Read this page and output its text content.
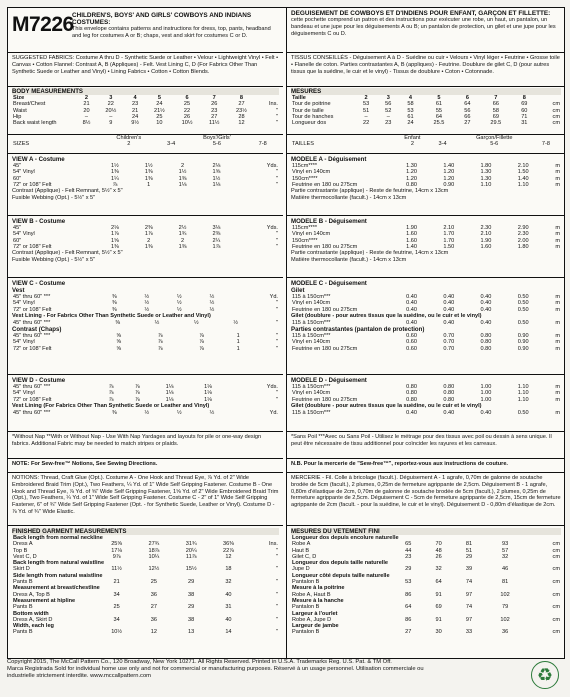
M7226
CHILDREN'S, BOYS' AND GIRLS' COWBOYS AND INDIANS COSTUMES:
This envelope contains patterns and instructions for dress, top, pants, headband and leg for costumes A or B; chaps, vest and skirt for costumes C or D.
SUGGESTED FABRICS: Costume A thru D - Synthetic Suede or Leather • Velour • Lightweight Vinyl • Felt • Canvas • Cotton Flannel: Contrast A, B (Appliques) - Felt. Vest Lining C, D (For Fabrics Other Than Synthetic Suede or Leather and Vinyl) • Lining Fabrics • Cotton • Cotton Blends.
BODY MEASUREMENTS
Size	2	3	4	5	6	7	8	
Breast/Chest	21	22	23	24	25	26	27	Ins.
Waist	20	20½	21	21½	22	23	23½	"
Hip	–	–	24	25	26	27	28	"
Back waist length	8½	9	9½	10	10½	11½	12	"
	Children's		Boys'/Girls'		
SIZES	2	3-4	5-6	7-8	
VIEW A - Costume
45"	1½	1½	2	2⅛	Yds.
54" Vinyl	1⅜	1⅜	1½	1⅝	"
60"	1¼	1⅜	1⅜	1½	"
72" or 108" Felt	⅞	1	1⅛	1⅛	"
Contrast (Applique) - Felt Remnant, 5½" x 5"
Fusible Webbing (Opt.) - 5½" x 5"
VIEW B - Costume
45"	2⅛	2⅜	2½	3⅛	Yds.
54" Vinyl	1⅞	1⅞	1¾	2⅜	"
60"	1⅝	2	2	2¼	"
72" or 108" Felt	1⅜	1⅜	1⅜	1⅞	"
Contrast (Applique) - Felt Remnant, 5½" x 5"
Fusible Webbing (Opt.) - 5½" x 5"
VIEW C - Costume
Vest
45" thru 60" ***	⅜	½	½	½	Yd.
54" Vinyl	⅜	½	½	½	"
72" or 108" Felt	⅜	½	½	½	"
Vest Lining - For Fabrics Other Than Synthetic Suede or Leather and Vinyl)
45" thru 60" ***	⅜	½	½	½	"
Contrast (Chaps)
45" thru 60" ***	⅝	⅞	⅞	1	"
54" Vinyl	⅝	⅞	⅞	1	"
72" or 108" Felt	⅝	⅞	⅞	1	"
VIEW D - Costume
45" thru 60" ***	⅞	⅞	1⅛	1⅛	Yds.
54" Vinyl	⅞	⅞	1⅛	1⅛	"
72" or 108" Felt	⅞	⅞	1⅛	1⅛	"
Vest Lining (For Fabrics Other Than Synthetic Suede or Leather and Vinyl)
45" thru 60" ***	⅜	½	½	½	Yd.
*Without Nap **With or Without Nap - Use With Nap Yardages and layouts for pile or one-way design fabrics. Additional Fabric may be needed to match stripes or plaids.
NOTE: For Sew-free™ Notions, See Sewing Directions.
NOTIONS: Thread, Craft Glue (Opt.). Costume A - One Hook and Thread Eye, ⅞ Yd. of 2" Wide Embroidered Braid Trim (Opt.), Two Feathers, ¼ Yd. of 1" Wide Self Gripping Fastener. Costume B - One Hook and Thread Eye, ⅞ Yd. of ⅝" Wide Self Gripping Fastener, 1⅝ Yd. of 2" Wide Embroidered Braid Trim (Opt.), Two Feathers, ¼ Yd. of 1" Wide Self Gripping Fastener. Costume C - 2" of 1" Wide Self Gripping Fastener, 6" of ¾" Wide Self Gripping Fastener (Opt. - for Synthetic Suede, Leather or Vinyl). Costume D - ⅞ Yd. of ¾" Wide Elastic.
FINISHED GARMENT MEASUREMENTS
Back length from normal neckline					
Dress A	25⅝	27¾	31¾	36⅜	Ins.
Top B	17⅛	18⅞	20¼	22⅞	"
Vest C, D	9⅞	10¼	11⅞	12	"
Back length from natural waistline					
Skirt D	11½	12½	15½	18	"
Side length from natural waistline					
Pants B	21	25	29	32	"
Measurement at breast/chestline					
Dress A, Top B	34	36	38	40	"
Measurement at hipline					
Pants B	25	27	29	31	"
Bottom width					
Dress A, Skirt D	34	36	38	40	"
Width, each leg					
Pants B	10½	12	13	14	"
DEGUISEMENT DE COWBOYS ET D'INDIENS POUR ENFANT, GARÇON ET FILLETTE:
cette pochette comprend un patron et des instructions pour exécuter une robe, un haut, un pantalon, un bandeau et une jupe pour les déguisements A ou B; un pantalon de protection, un gilet et une jupe pour les déguisements C ou D.
TISSUS CONSEILLÉS - Déguisement A à D - Suédine ou cuir • Velours • Vinyl léger • Feutrine • Grosse toile • Flanelle de coton. Parties contrastantes A, B (appliques) - Feutrine. Doublure de gilet C, D (pour autres tissus que la suédine, le cuir et le vinyl) - Tissus de doublure • Coton • Cotonnade.
MESURES
Taille	2	3	4	5	6	7	8	
Tour de poitrine	53	56	58	61	64	66	69	cm
Tour de taille	51	52	53	55	56	58	60	cm
Tour de hanches	–	–	61	64	66	69	71	cm
Longueur dos	22	23	24	25.5	27	29.5	31	cm
	Enfant		Garçon/Fillette		
TAILLES	2	3-4	5-6	7-8	
MODELE A - Déguisement
115cm****	1.30	1.40	1.80	2.10	m
Vinyl en 140cm	1.20	1.20	1.30	1.50	m
150cm****	1.20	1.20	1.30	1.40	m
Feutrine en 180 ou 275cm	0.80	0.90	1.10	1.10	m
Partie contrastante (applique) - Reste de feutrine, 14cm x 13cm
Matière thermocollante (facult.) - 14cm x 13cm
MODELE B - Déguisement
115cm****	1.90	2.10	2.30	2.90	m
Vinyl en 140cm	1.60	1.70	2.10	2.30	m
150cm****	1.60	1.70	1.90	2.00	m
Feutrine en 180 ou 275cm	1.40	1.50	1.60	1.80	m
Partie contrastante (applique) - Reste de feutrine, 14cm x 13cm
Matière thermocollante (facult.) - 14cm x 13cm
MODELE C - Déguisement
Gilet
115 à 150cm***	0.40	0.40	0.40	0.50	m
Vinyl en 140cm	0.40	0.40	0.40	0.50	m
Feutrine en 180 ou 275cm	0.40	0.40	0.40	0.50	m
Gilet (doublure - pour autres tissus que la suédine, ou le cuir et le vinyl)
115 à 150cm***	0.40	0.40	0.40	0.50	m
Parties contrastantes (pantalon de protection)
115 à 150cm***	0.60	0.70	0.80	0.90	m
Vinyl en 140cm	0.60	0.70	0.80	0.90	m
Feutrine en 180 ou 275cm	0.60	0.70	0.80	0.90	m
MODELE D - Déguisement
115 à 150cm***	0.80	0.80	1.00	1.10	m
Vinyl en 140cm	0.80	0.80	1.00	1.10	m
Feutrine en 180 ou 275cm	0.80	0.80	1.00	1.10	m
Gilet (doublure - pour autres tissus que la suédine, ou le cuir et le vinyl)
115 à 150cm***	0.40	0.40	0.40	0.50	m
*Sans Poil ***Avec ou Sans Poil - Utilisez le métrage pour des tissus avec poil ou dessin à sens unique. Il peut être nécessaire de tissu additionnel pour coïncider les rayures et les carreaux.
N.B. Pour la mercerie de "Sew-free™", reportez-vous aux instructions de couture.
MERCERIE - Fil. Colle à bricolage (facult.). Déguisement A - 1 agrafe, 0,70m de galonne de soutache brodée de 5cm (facult.), 2 plumes, 0,25m de fermeture agrippante de 2,5cm. Déguisement B - 1 agrafe, 0,80m d'élastique de 2cm, 0,70m de galonne de soutache brodée de 5cm (facult.), 2 plumes, 0,25m de fermeture agrippante de 2,5cm. Déguisement C - 5cm de fermeture agrippante de 2,5cm, 15cm de fermeture agrippante de 2cm (facult. - pour la suédine, le cuir et le vinyl). Déguisement D - 0,80m d'élastique de 2cm.
MESURES DU VETEMENT FINI
Longueur dos depuis encolure naturelle					
Robe A	65	70	81	93	cm
Haut B	44	48	51	57	cm
Gilet C, D	23	26	29	32	cm
Longueur dos depuis taille naturelle					
Jupe D	29	32	39	46	cm
Longueur côté depuis taille naturelle					
Pantalon B	53	64	74	81	cm
Mesure à la poitrine					
Robe A, Haut B	86	91	97	102	cm
Mesure à la hanche					
Pantalon B	64	69	74	79	cm
Largeur à l'ourlet					
Robe A, Jupe D	86	91	97	102	cm
Largeur de jambe					
Pantalon B	27	30	33	36	cm
Copyright 2015, The McCall Pattern Co., 120 Broadway, New York 10271. All Rights Reserved. Printed in U.S.A. Trademarks Reg. U.S. Pat. & TM Off.
Marca Registrada Sold for individual home use only and not for commercial or manufacturing purposes. Réservé à un usage personnel. Utilisation commerciale ou
industrielle strictement interdite. www.mccallpattern.com	♻
